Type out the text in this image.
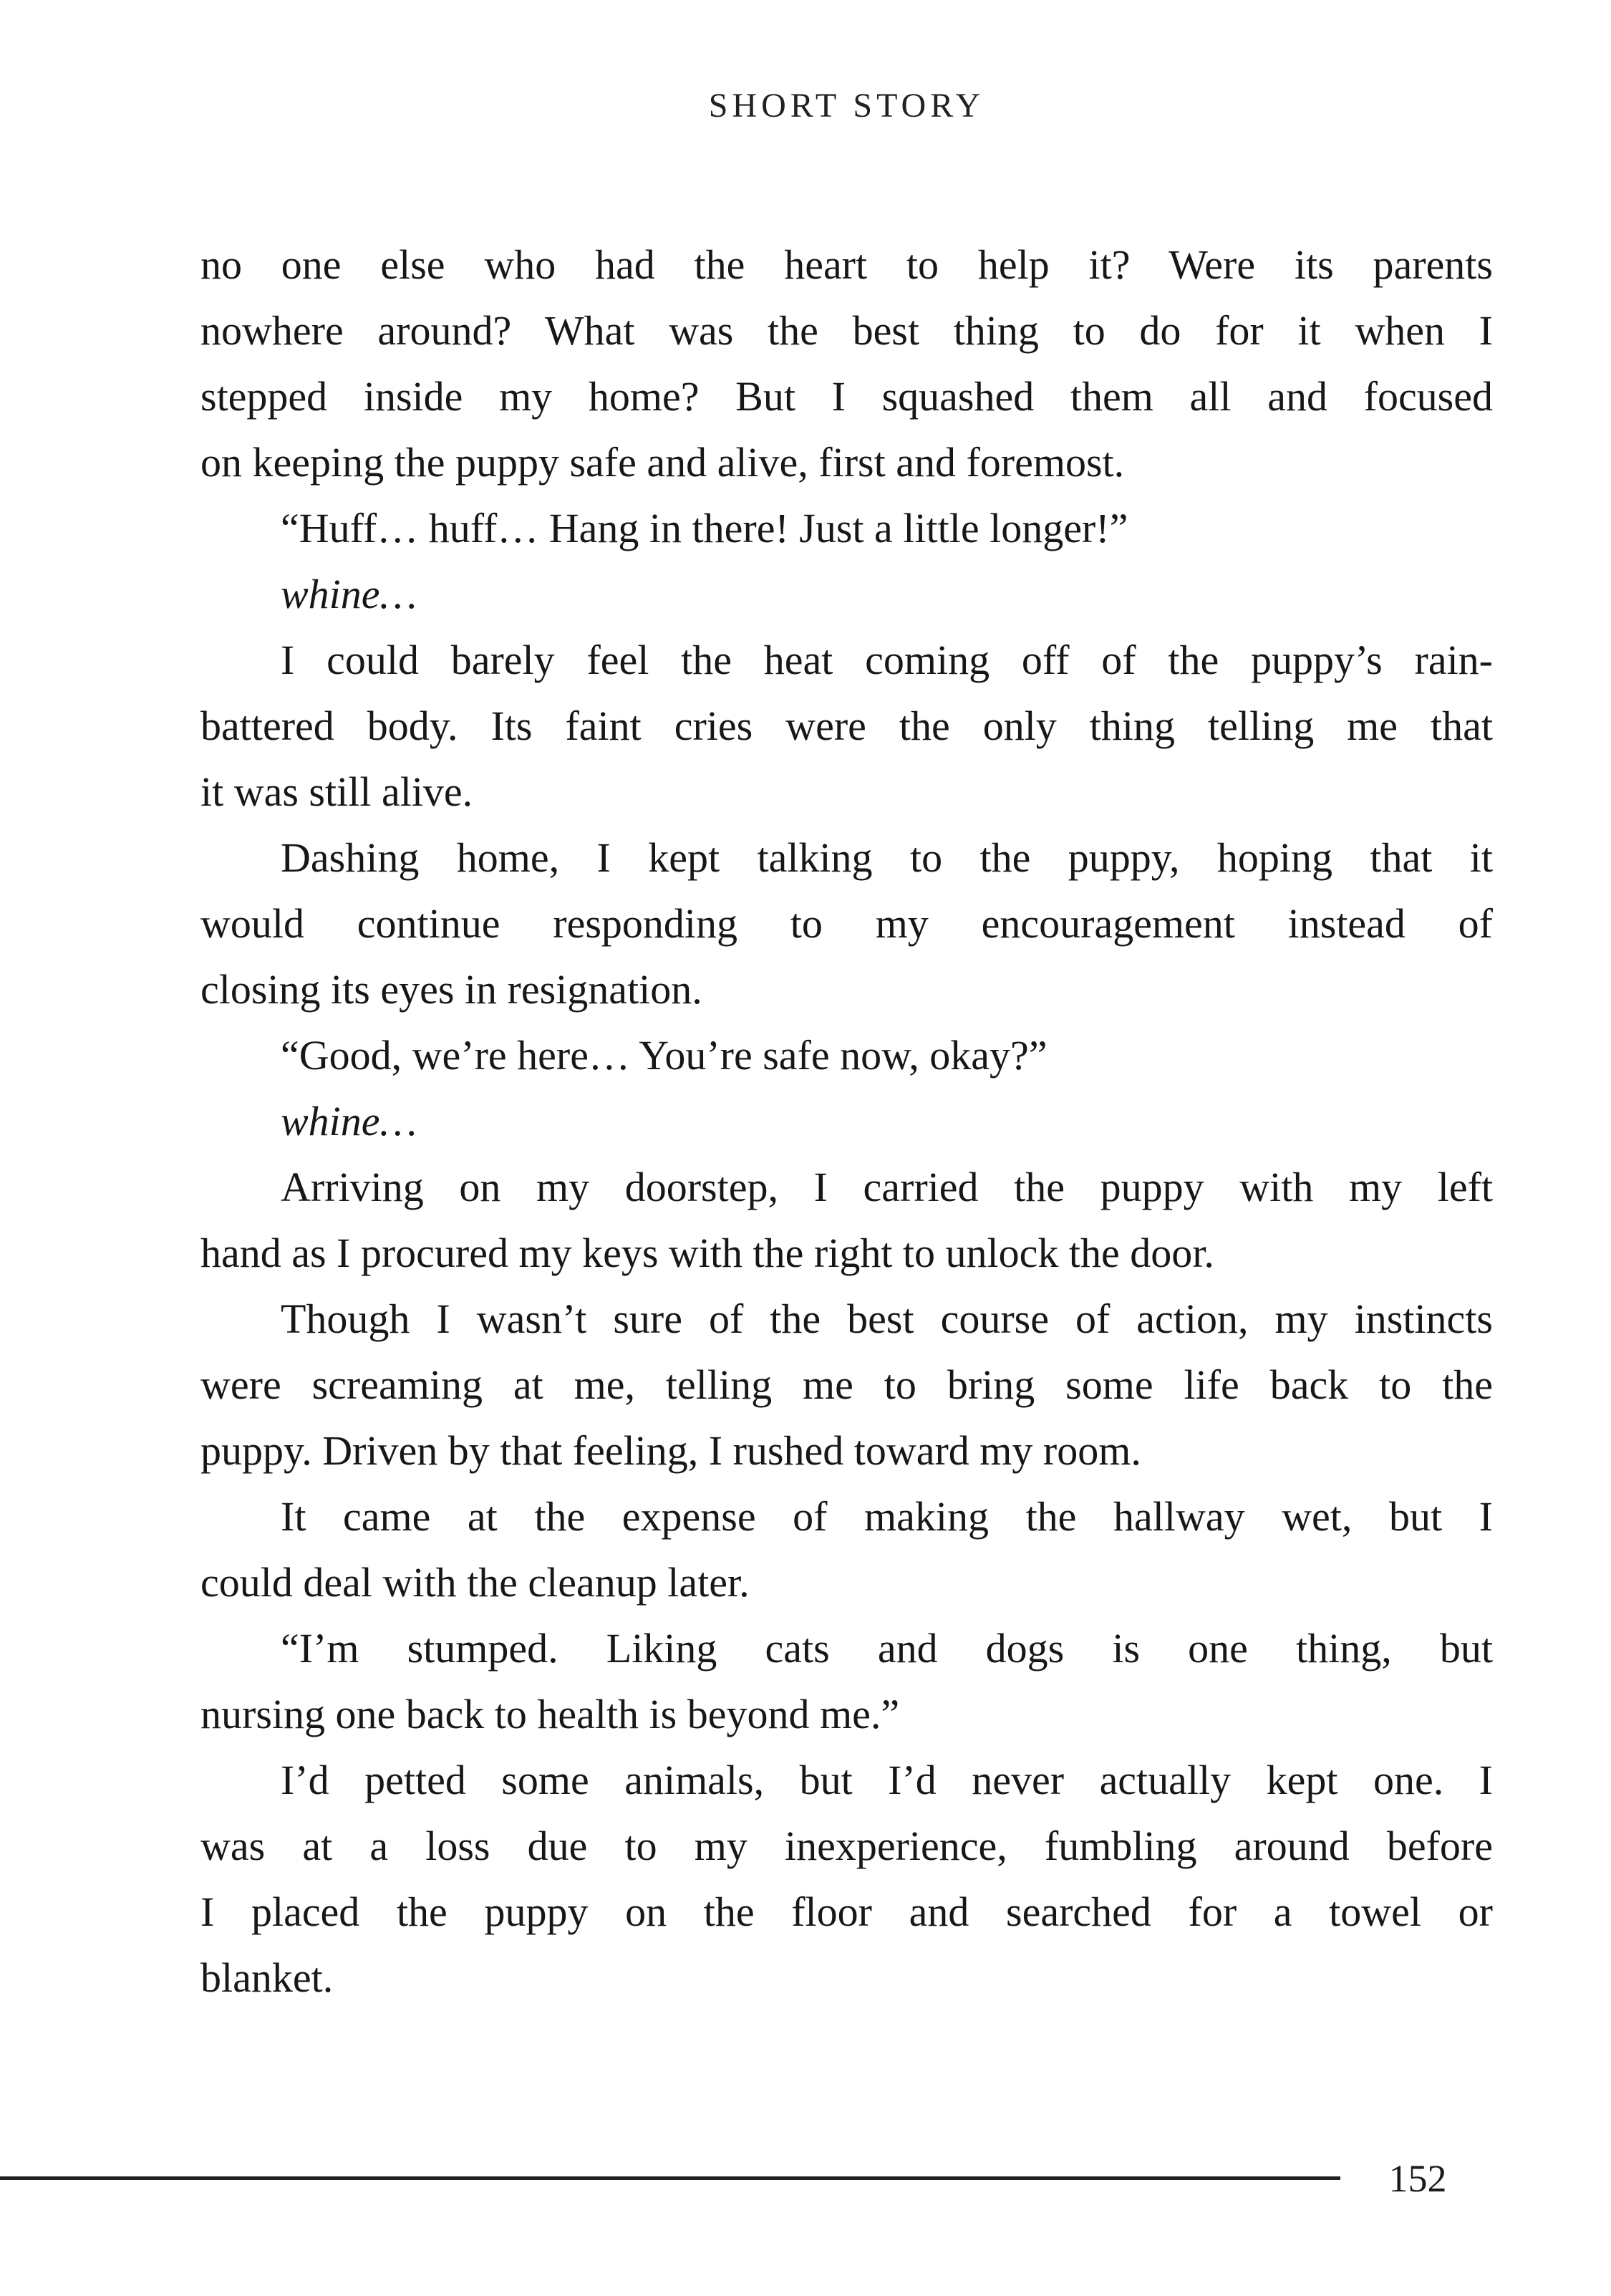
SHORT STORY
no one else who had the heart to help it? Were its parents
nowhere around? What was the best thing to do for it when I
stepped inside my home? But I squashed them all and focused
on keeping the puppy safe and alive, first and foremost.
“Huff… huff… Hang in there! Just a little longer!”
whine…
I could barely feel the heat coming off of the puppy’s rain-
battered body. Its faint cries were the only thing telling me that
it was still alive.
Dashing home, I kept talking to the puppy, hoping that it
would continue responding to my encouragement instead of
closing its eyes in resignation.
“Good, we’re here… You’re safe now, okay?”
whine…
Arriving on my doorstep, I carried the puppy with my left
hand as I procured my keys with the right to unlock the door.
Though I wasn’t sure of the best course of action, my instincts
were screaming at me, telling me to bring some life back to the
puppy. Driven by that feeling, I rushed toward my room.
It came at the expense of making the hallway wet, but I
could deal with the cleanup later.
“I’m stumped. Liking cats and dogs is one thing, but
nursing one back to health is beyond me.”
I’d petted some animals, but I’d never actually kept one. I
was at a loss due to my inexperience, fumbling around before
I placed the puppy on the floor and searched for a towel or
blanket.
152
